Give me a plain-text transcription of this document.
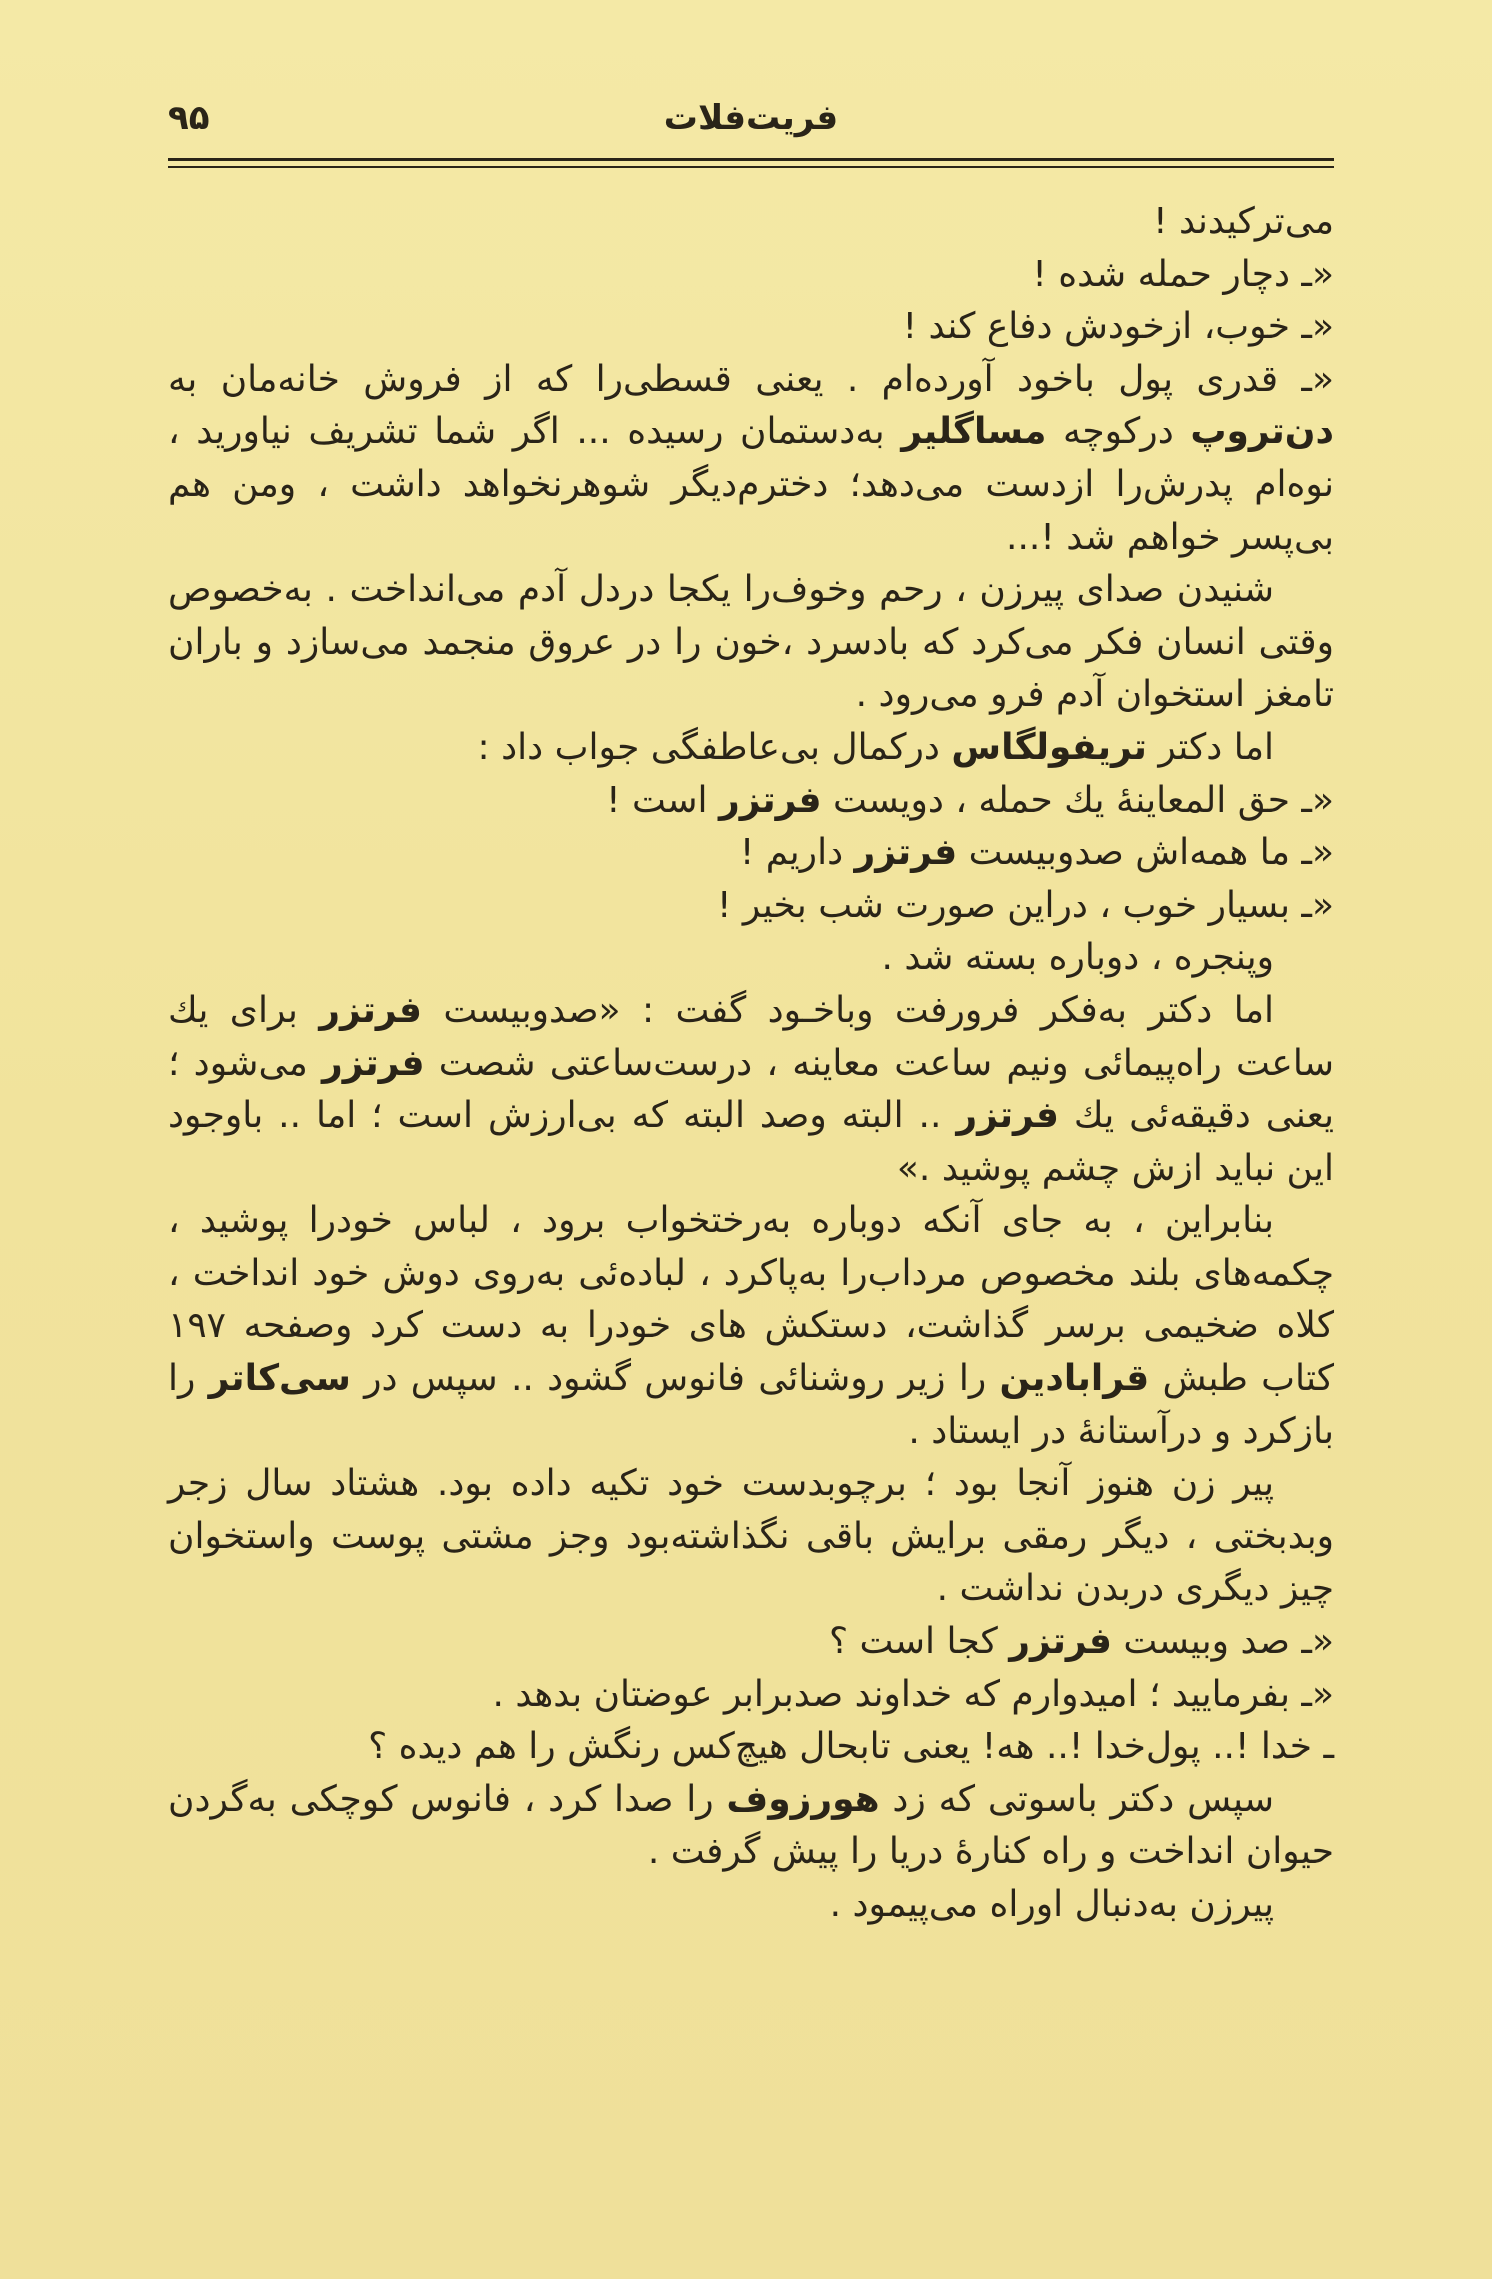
۹۵	فریت‌فلات

می‌ترکیدند !

«ـ دچار حمله شده !

«ـ خوب، ازخودش دفاع کند !

«ـ قدری پول باخود آورده‌ام . یعنی قسطی‌را که از فروش خانه‌مان به دن‌تروپ درکوچه مساگلیر به‌دستمان رسیده ... اگر شما تشریف نیاورید ، نوه‌ام پدرش‌را ازدست می‌دهد؛ دخترم‌دیگر شوهرنخواهد داشت ، ومن هم بی‌پسر خواهم شد !...

شنیدن صدای پیرزن ، رحم وخوف‌را یکجا دردل آدم می‌انداخت . به‌خصوص وقتی انسان فکر می‌کرد که بادسرد ،خون را در عروق منجمد می‌سازد و باران تامغز استخوان آدم فرو می‌رود .

اما دکتر تریفولگاس درکمال بی‌عاطفگی جواب داد :

«ـ حق المعاینهٔ یك حمله ، دویست فرتزر است !

«ـ ما همه‌اش صدوبیست فرتزر داریم !

«ـ بسیار خوب ، دراین صورت شب بخیر !

وپنجره ، دوباره بسته شد .

اما دکتر به‌فکر فرورفت وباخـود گفت : «صدوبیست فرتزر برای یك ساعت راه‌پیمائی ونیم ساعت معاینه ، درست‌ساعتی شصت فرتزر می‌شود ؛ یعنی دقیقه‌ئی یك فرتزر .. البته وصد البته که بی‌ارزش است ؛ اما .. باوجود این نباید ازش چشم پوشید .»

بنابراین ، به جای آنکه دوباره به‌رختخواب برود ، لباس خودرا پوشید ، چکمه‌های بلند مخصوص مرداب‌را به‌پاکرد ، لباده‌ئی به‌روی دوش خود انداخت ، کلاه ضخیمی برسر گذاشت، دستکش های خودرا به دست کرد وصفحه ۱۹۷ کتاب طبش قرابادین را زیر روشنائی فانوس گشود .. سپس در سی‌کاتر را بازکرد و درآستانهٔ در ایستاد .

پیر زن هنوز آنجا بود ؛ برچوبدست خود تکیه داده بود. هشتاد سال زجر وبدبختی ، دیگر رمقی برایش باقی نگذاشته‌بود وجز مشتی پوست واستخوان چیز دیگری دربدن نداشت .

«ـ صد وبیست فرتزر کجا است ؟

«ـ بفرمایید ؛ امیدوارم که خداوند صدبرابر عوضتان بدهد .

ـ خدا !.. پول‌خدا !.. هه! یعنی تابحال هیچ‌کس رنگش را هم دیده ؟

سپس دکتر باسوتی که زد هورزوف را صدا کرد ، فانوس کوچکی به‌گردن حیوان انداخت و راه کنارهٔ دریا را پیش گرفت .

پیرزن به‌دنبال اوراه می‌پیمود .
